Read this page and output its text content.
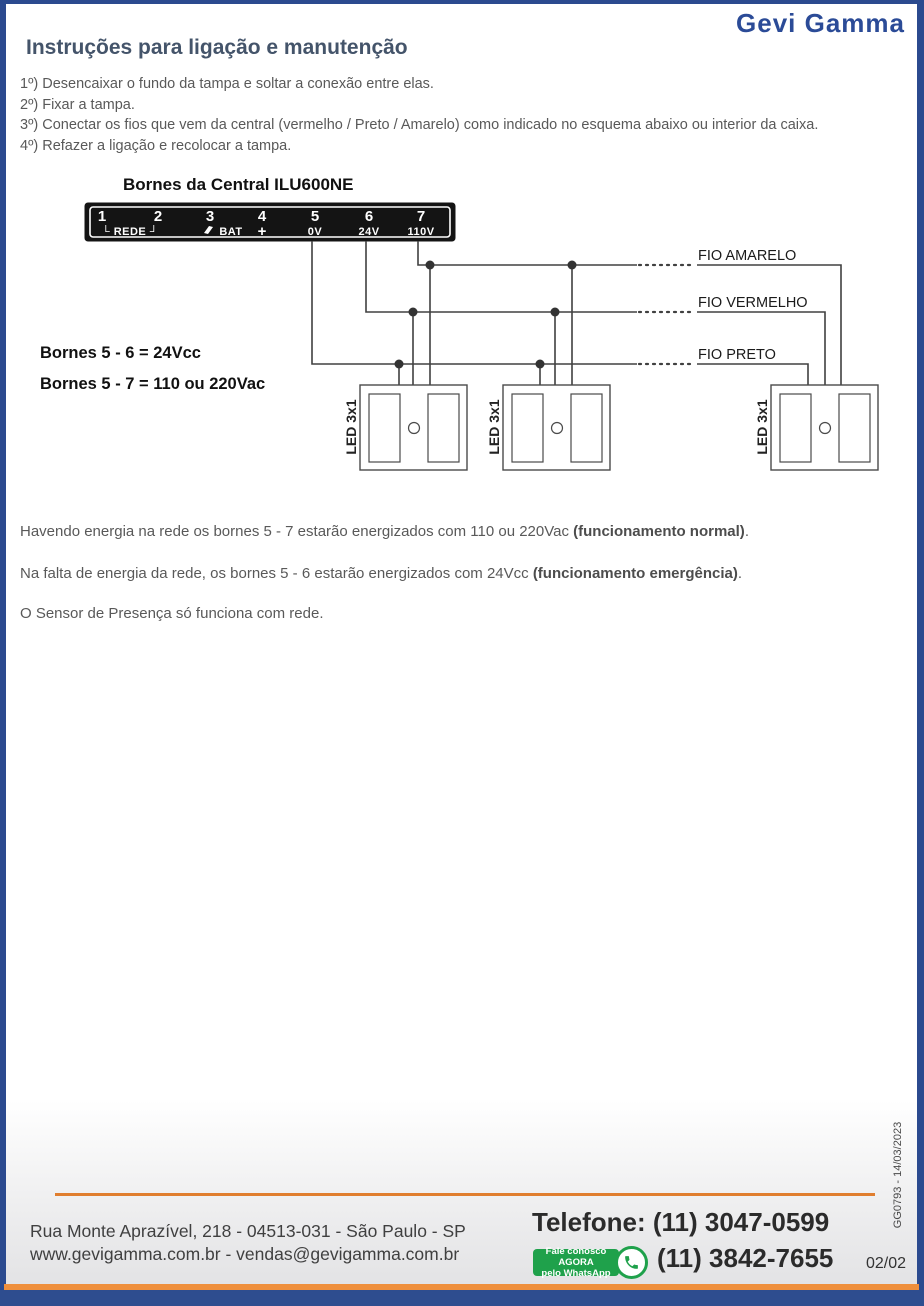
Gevi Gamma
Instruções para ligação e manutenção

1º) Desencaixar o fundo da tampa e soltar a conexão entre elas.

2º) Fixar a tampa.

3º) Conectar os fios que vem da central (vermelho / Preto / Amarelo) como indicado no esquema abaixo ou interior da caixa.

4º) Refazer a ligação e recolocar a tampa.

Bornes da Central ILU600NE
1	2	3	4	5	6	7
└ REDE ┘	BAT +	0V	24V	110V
FIO AMARELO
FIO VERMELHO
FIO PRETO
Bornes 5 - 6 = 24Vcc
Bornes 5 - 7 = 110 ou 220Vac
LED 3x1	LED 3x1	LED 3x1

Havendo energia na rede os bornes 5 - 7 estarão energizados com 110 ou 220Vac (funcionamento normal).

Na falta de energia da rede, os bornes 5 - 6 estarão energizados com 24Vcc (funcionamento emergência).

O Sensor de Presença só funciona com rede.

Rua Monte Aprazível, 218 - 04513-031 - São Paulo - SP
www.gevigamma.com.br - vendas@gevigamma.com.br
Telefone: (11) 3047-0599
(11) 3842-7655
Fale conosco AGORA
pelo WhatsApp
02/02
GG0793 - 14/03/2023
